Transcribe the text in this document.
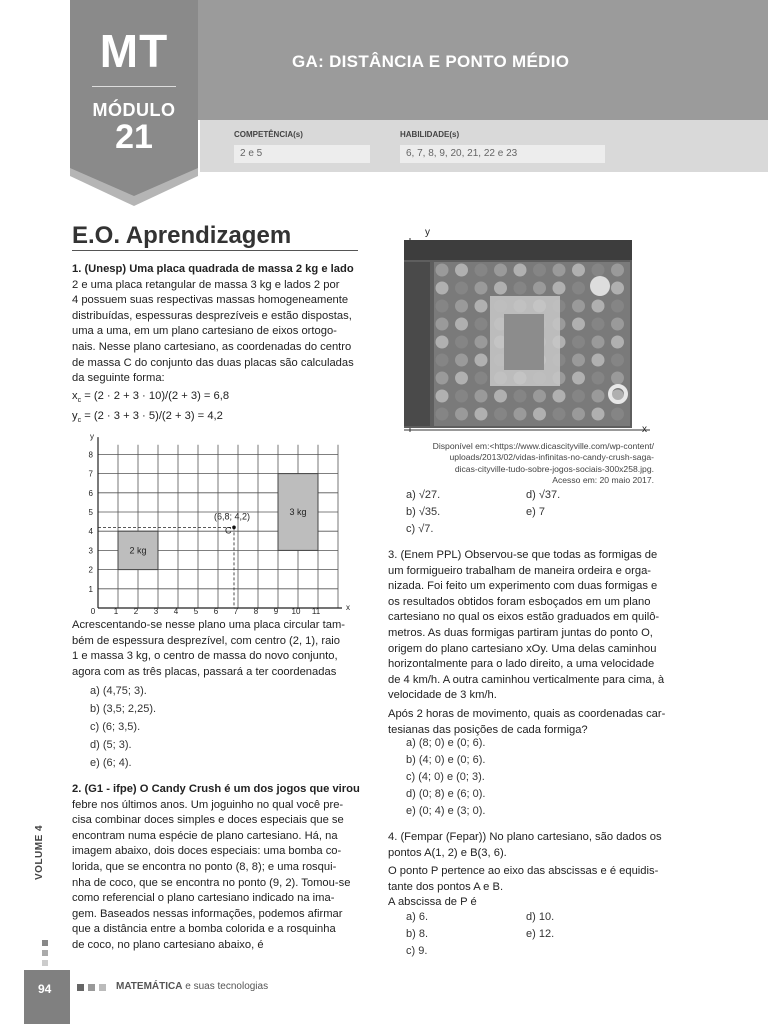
GA: DISTÂNCIA E PONTO MÉDIO
COMPETÊNCIA(s)
2 e 5
HABILIDADE(s)
6, 7, 8, 9, 20, 21, 22 e 23
MT
MÓDULO
21
E.O. Aprendizagem
1. (Unesp) Uma placa quadrada de massa 2 kg e lado
2 e uma placa retangular de massa 3 kg e lados 2 por
4 possuem suas respectivas massas homogeneamente
distribuídas, espessuras desprezíveis e estão dispostas,
uma a uma, em um plano cartesiano de eixos ortogo-
nais. Nesse plano cartesiano, as coordenadas do centro
de massa C do conjunto das duas placas são calculadas
da seguinte forma:
$x_c = (2 \cdot 2 + 3 \cdot 10)/(2 + 3) = 6,8$
$y_c = (2 \cdot 3 + 3 \cdot 5)/(2 + 3) = 4,2$
2 kg
3 kg
C
(6,8; 4,2)
0 1 2 3 4 5 6 7 8 9 10 11
1
2
3
4
5
6
7
8
x
y
Acrescentando-se nesse plano uma placa circular tam-
bém de espessura desprezível, com centro (2, 1), raio
1 e massa 3 kg, o centro de massa do novo conjunto,
agora com as três placas, passará a ter coordenadas
a) (4,75; 3).
b) (3,5; 2,25).
c) (6; 3,5).
d) (5; 3).
e) (6; 4).
2. (G1 - ifpe) O Candy Crush é um dos jogos que virou
febre nos últimos anos. Um joguinho no qual você pre-
cisa combinar doces simples e doces especiais que se
encontram numa espécie de plano cartesiano. Há, na
imagem abaixo, dois doces especiais: uma bomba co-
lorida, que se encontra no ponto (8, 8); e uma rosqui-
nha de coco, que se encontra no ponto (9, 2). Tomou-se
como referencial o plano cartesiano indicado na ima-
gem. Baseados nessas informações, podemos afirmar
que a distância entre a bomba colorida e a rosquinha
de coco, no plano cartesiano abaixo, é
y
x
Disponível em:<https://www.dicascityville.com/wp-content/
uploads/2013/02/vidas-infinitas-no-candy-crush-saga-
dicas-cityville-tudo-sobre-jogos-sociais-300x258.jpg.
Acesso em: 20 maio 2017.
a) √27.
b) √35.
c) √7.
d) √37.
e) 7
3. (Enem PPL) Observou-se que todas as formigas de
um formigueiro trabalham de maneira ordeira e orga-
nizada. Foi feito um experimento com duas formigas e
os resultados obtidos foram esboçados em um plano
cartesiano no qual os eixos estão graduados em quilô-
metros. As duas formigas partiram juntas do ponto O,
origem do plano cartesiano xOy. Uma delas caminhou
horizontalmente para o lado direito, a uma velocidade
de 4 km/h. A outra caminhou verticalmente para cima, à
velocidade de 3 km/h.
Após 2 horas de movimento, quais as coordenadas car-
tesianas das posições de cada formiga?
a) (8; 0) e (0; 6).
b) (4; 0) e (0; 6).
c) (4; 0) e (0; 3).
d) (0; 8) e (6; 0).
e) (0; 4) e (3; 0).
4. (Fempar (Fepar)) No plano cartesiano, são dados os
pontos A(1, 2) e B(3, 6).
O ponto P pertence ao eixo das abscissas e é equidis-
tante dos pontos A e B.
A abscissa de P é
a) 6.
b) 8.
c) 9.
d) 10.
e) 12.
VOLUME 4
94	MATEMÁTICA e suas tecnologias
